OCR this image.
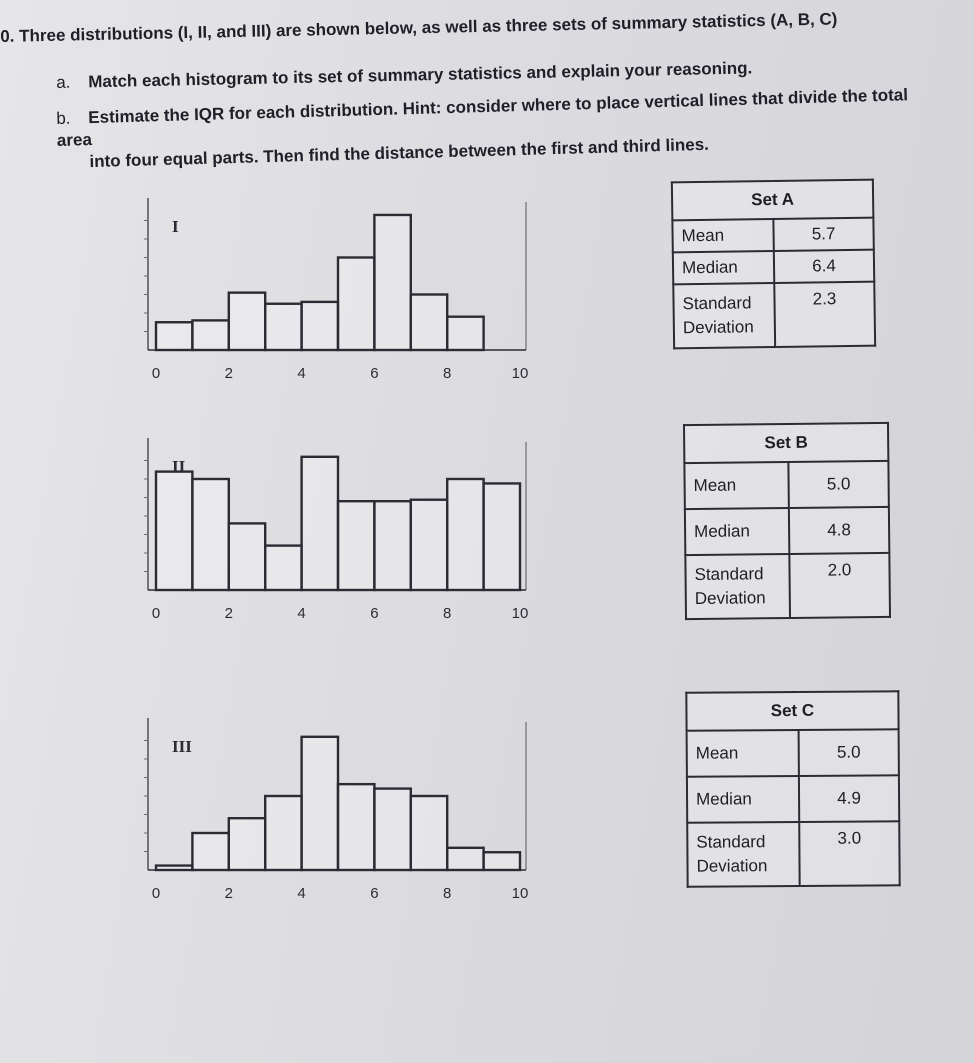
0. Three distributions (I, II, and III) are shown below, as well as three sets of summary statistics (A, B, C)
a. Match each histogram to its set of summary statistics and explain your reasoning.
b. Estimate the IQR for each distribution. Hint: consider where to place vertical lines that divide the total area
into four equal parts. Then find the distance between the first and third lines.
0	2	4	6	8	10
I
0	2	4	6	8	10
II
0	2	4	6	8	10
III
Set A	
Mean	5.7
Median	6.4
Standard
Deviation	2.3
Set B	
Mean	5.0
Median	4.8
Standard
Deviation	2.0
Set C	
Mean	5.0
Median	4.9
Standard
Deviation	3.0
